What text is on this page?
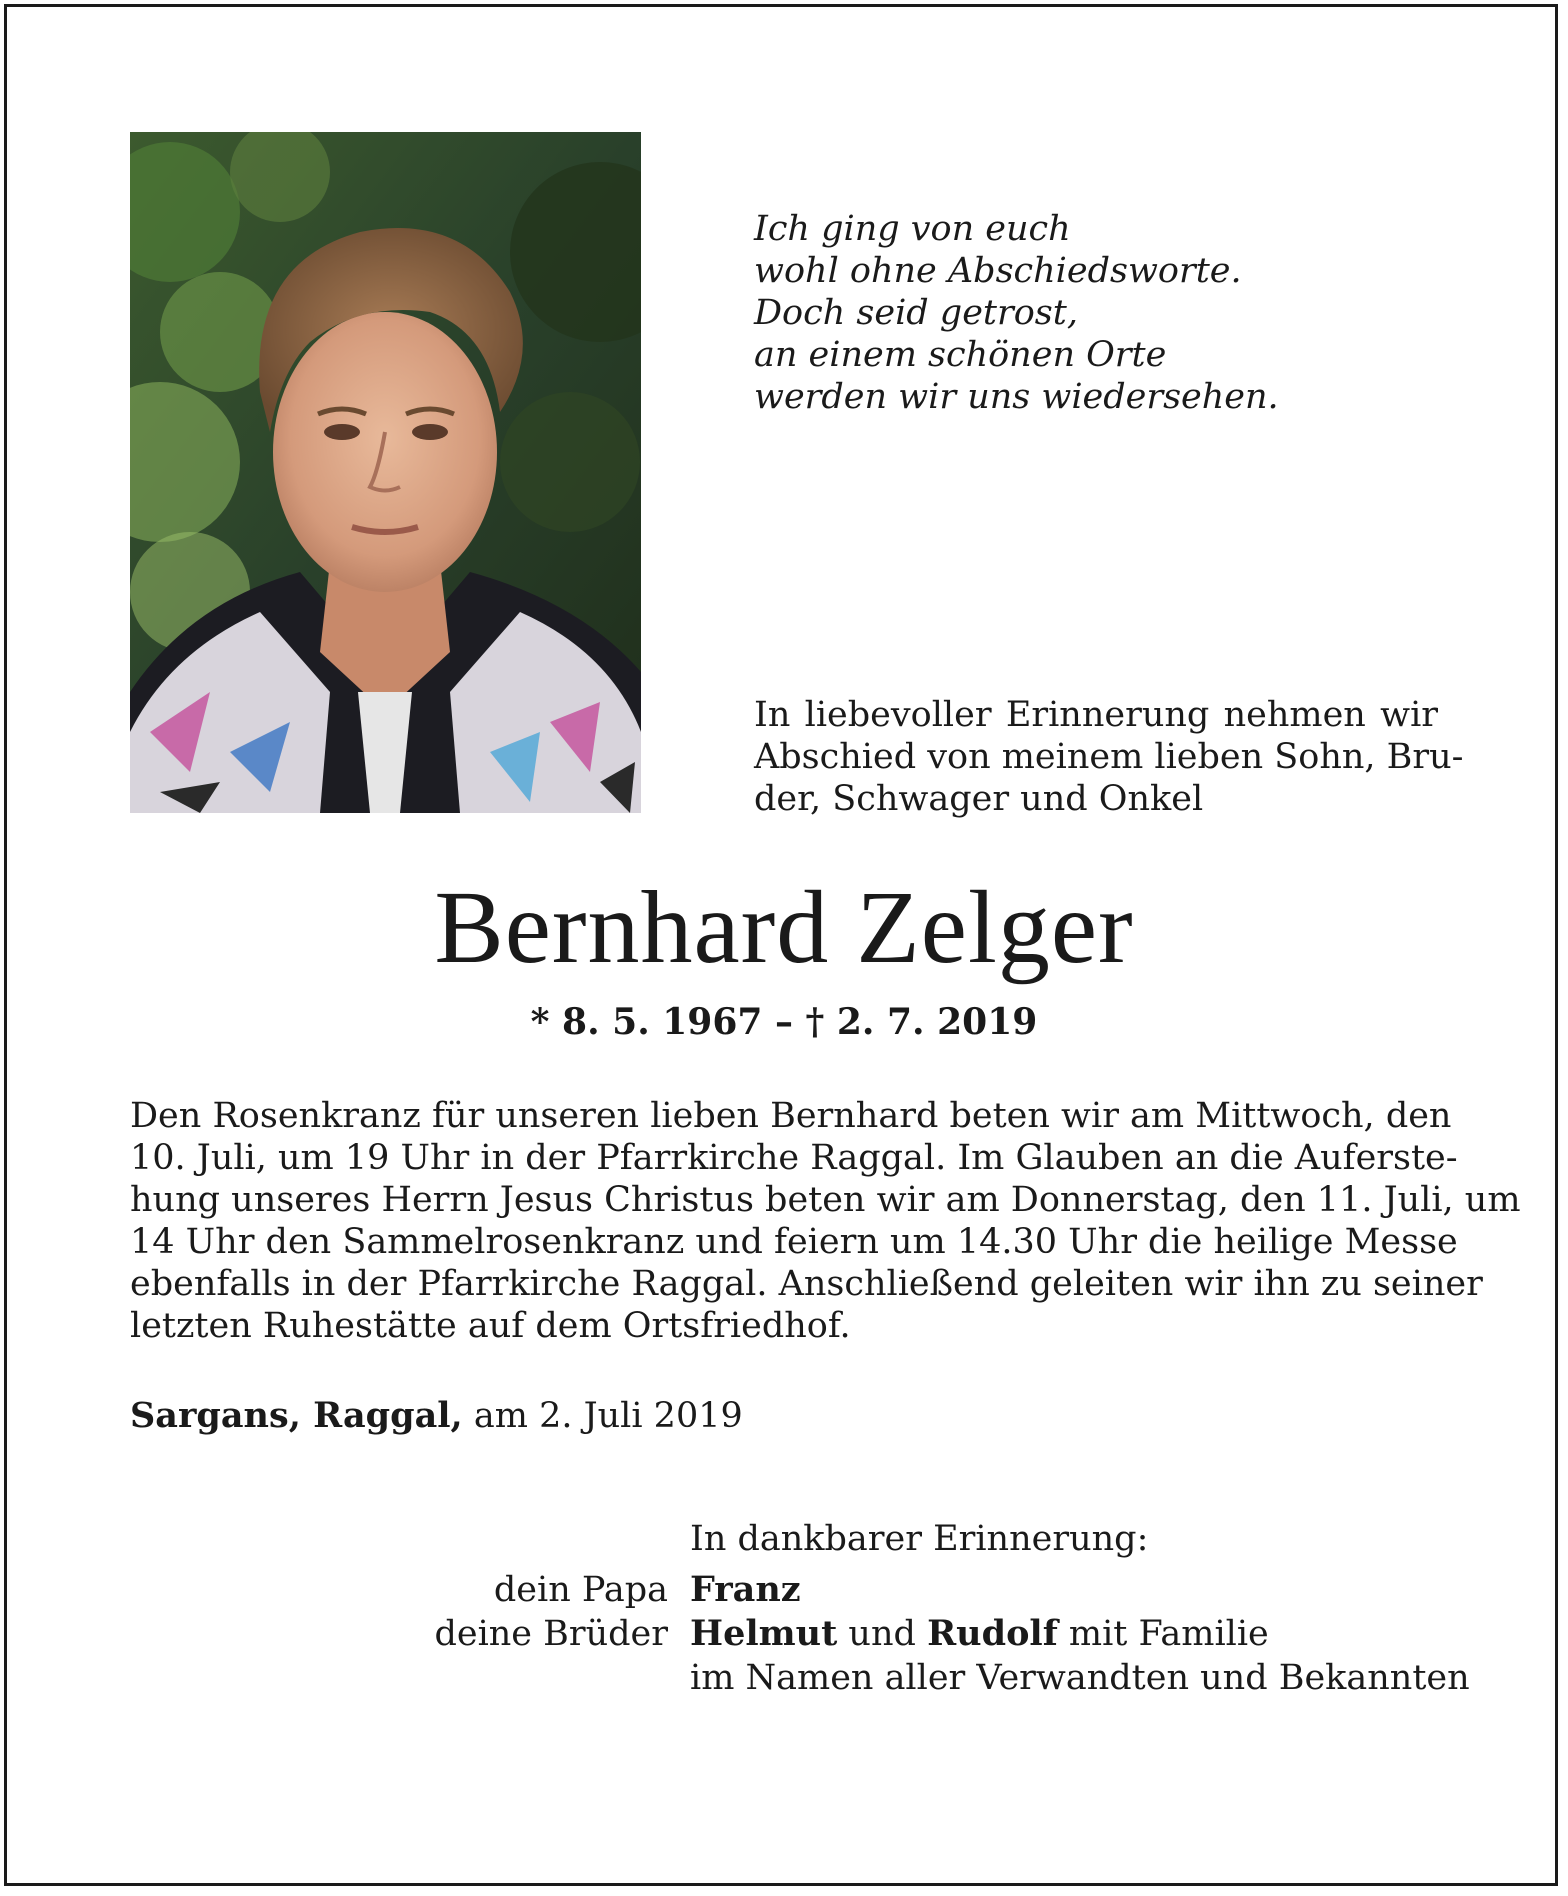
Ich ging von euch
wohl ohne Abschiedsworte.
Doch seid getrost,
an einem schönen Orte
werden wir uns wiedersehen.
In liebevoller Erinnerung nehmen wir
Abschied von meinem lieben Sohn, Bru-
der, Schwager und Onkel
Bernhard Zelger
* 8. 5. 1967 – † 2. 7. 2019
Den Rosenkranz für unseren lieben Bernhard beten wir am Mittwoch, den
10. Juli, um 19 Uhr in der Pfarrkirche Raggal. Im Glauben an die Auferste-
hung unseres Herrn Jesus Christus beten wir am Donnerstag, den 11. Juli, um
14 Uhr den Sammelrosenkranz und feiern um 14.30 Uhr die heilige Messe
ebenfalls in der Pfarrkirche Raggal. Anschließend geleiten wir ihn zu seiner
letzten Ruhestätte auf dem Ortsfriedhof.
Sargans, Raggal, am 2. Juli 2019
In dankbarer Erinnerung:
dein Papa Franz
deine Brüder Helmut und Rudolf mit Familie
im Namen aller Verwandten und Bekannten
